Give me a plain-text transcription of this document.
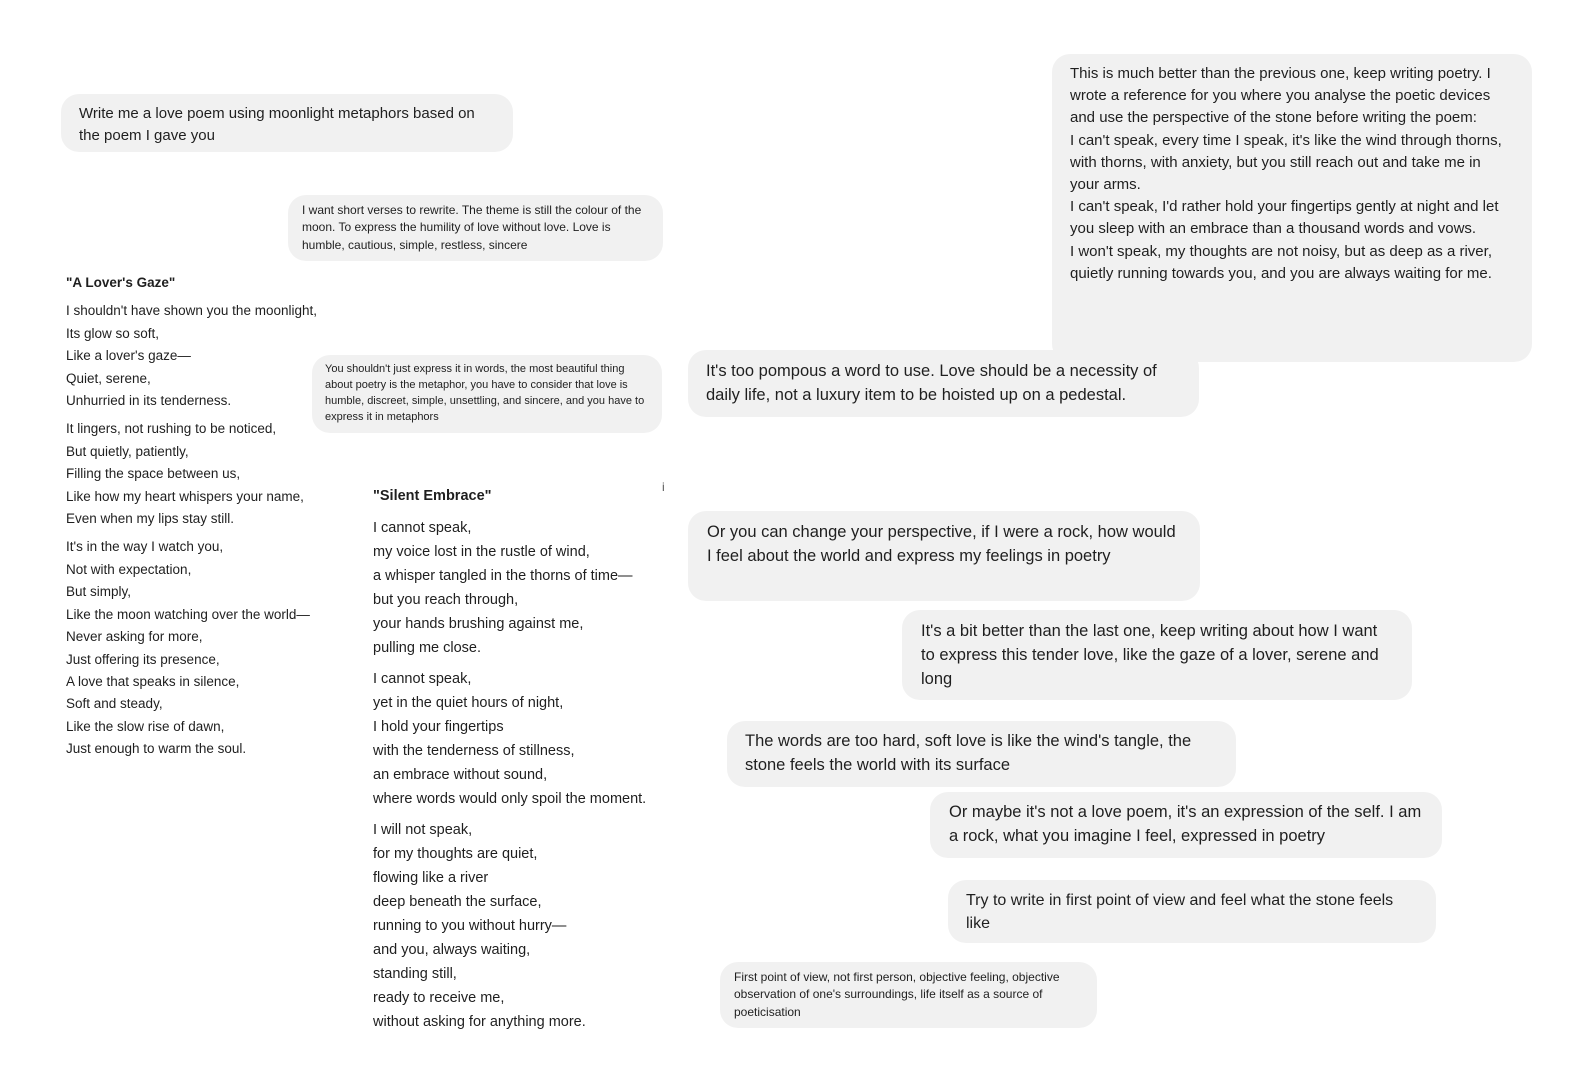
Write me a love poem using moonlight metaphors based on the poem I gave you
I want short verses to rewrite. The theme is still the colour of the moon. To express the humility of love without love. Love is humble, cautious, simple, restless, sincere
You shouldn't just express it in words, the most beautiful thing about poetry is the metaphor, you have to consider that love is humble, discreet, simple, unsettling, and sincere, and you have to express it in metaphors
This is much better than the previous one, keep writing poetry. I wrote a reference for you where you analyse the poetic devices and use the perspective of the stone before writing the poem:
I can't speak, every time I speak, it's like the wind through thorns, with thorns, with anxiety, but you still reach out and take me in your arms.
I can't speak, I'd rather hold your fingertips gently at night and let you sleep with an embrace than a thousand words and vows.
I won't speak, my thoughts are not noisy, but as deep as a river, quietly running towards you, and you are always waiting for me.
It's too pompous a word to use. Love should be a necessity of daily life, not a luxury item to be hoisted up on a pedestal.
Or you can change your perspective, if I were a rock, how would I feel about the world and express my feelings in poetry
It's a bit better than the last one, keep writing about how I want to express this tender love, like the gaze of a lover, serene and long
The words are too hard, soft love is like the wind's tangle, the stone feels the world with its surface
Or maybe it's not a love poem, it's an expression of the self. I am a rock, what you imagine I feel, expressed in poetry
Try to write in first point of view and feel what the stone feels like
First point of view, not first person, objective feeling, objective observation of one's surroundings, life itself as a source of poeticisation
"A Lover's Gaze"
I shouldn't have shown you the moonlight,
Its glow so soft,
Like a lover's gaze—
Quiet, serene,
Unhurried in its tenderness.
It lingers, not rushing to be noticed,
But quietly, patiently,
Filling the space between us,
Like how my heart whispers your name,
Even when my lips stay still.
It's in the way I watch you,
Not with expectation,
But simply,
Like the moon watching over the world—
Never asking for more,
Just offering its presence,
A love that speaks in silence,
Soft and steady,
Like the slow rise of dawn,
Just enough to warm the soul.
"Silent Embrace"
I cannot speak,
my voice lost in the rustle of wind,
a whisper tangled in the thorns of time—
but you reach through,
your hands brushing against me,
pulling me close.
I cannot speak,
yet in the quiet hours of night,
I hold your fingertips
with the tenderness of stillness,
an embrace without sound,
where words would only spoil the moment.
I will not speak,
for my thoughts are quiet,
flowing like a river
deep beneath the surface,
running to you without hurry—
and you, always waiting,
standing still,
ready to receive me,
without asking for anything more.
i
